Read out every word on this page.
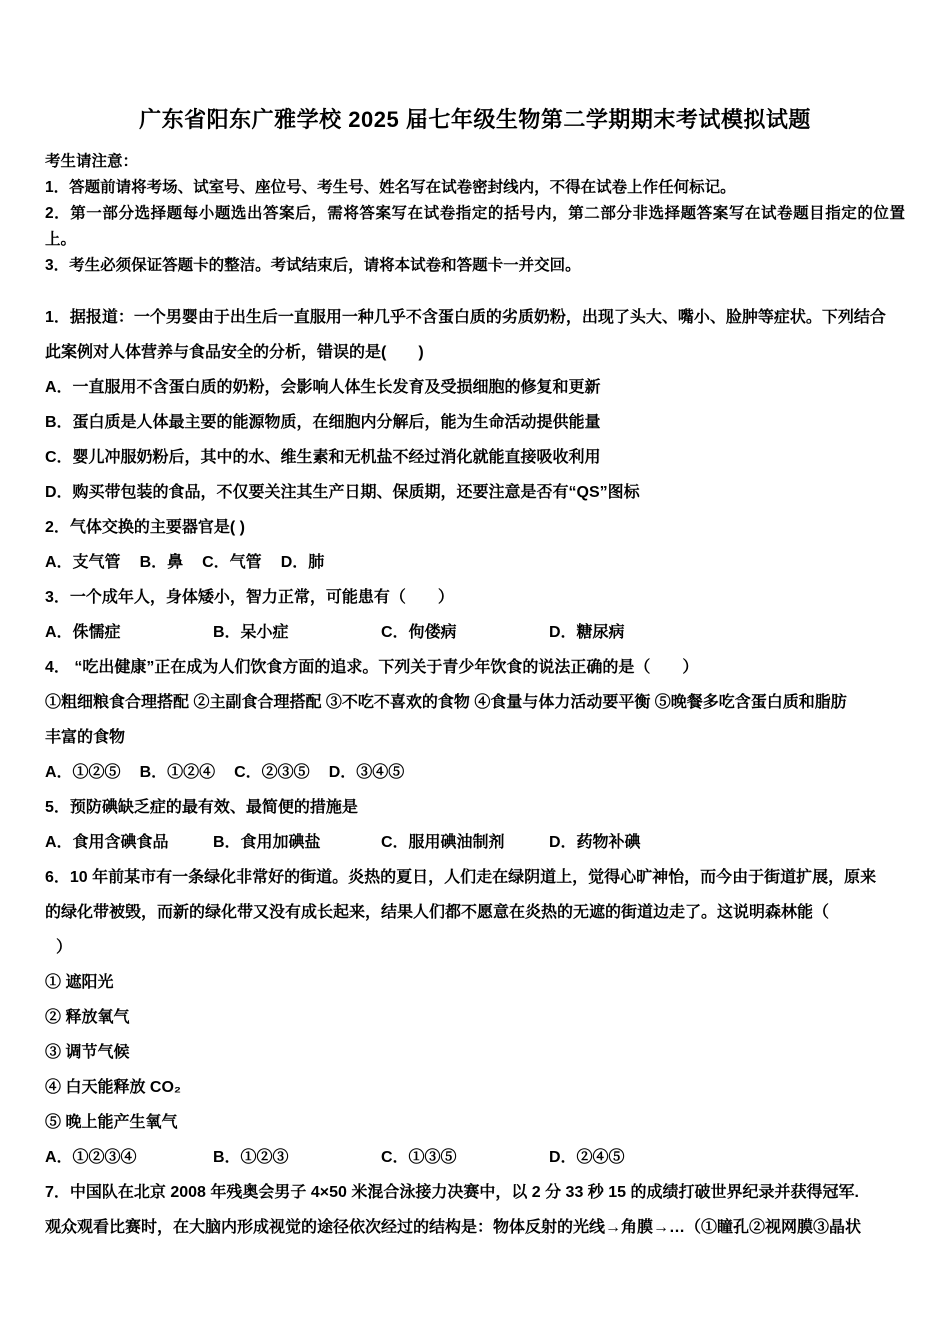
广东省阳东广雅学校 2025 届七年级生物第二学期期末考试模拟试题

考生请注意：

1．答题前请将考场、试室号、座位号、考生号、姓名写在试卷密封线内，不得在试卷上作任何标记。

2．第一部分选择题每小题选出答案后，需将答案写在试卷指定的括号内，第二部分非选择题答案写在试卷题目指定的位置上。

3．考生必须保证答题卡的整洁。考试结束后，请将本试卷和答题卡一并交回。

1．据报道：一个男婴由于出生后一直服用一种几乎不含蛋白质的劣质奶粉，出现了头大、嘴小、脸肿等症状。下列结合

此案例对人体营养与食品安全的分析，错误的是(　　)

A．一直服用不含蛋白质的奶粉，会影响人体生长发育及受损细胞的修复和更新

B．蛋白质是人体最主要的能源物质，在细胞内分解后，能为生命活动提供能量

C．婴儿冲服奶粉后，其中的水、维生素和无机盐不经过消化就能直接吸收利用

D．购买带包装的食品，不仅要关注其生产日期、保质期，还要注意是否有“QS”图标

2．气体交换的主要器官是( )

A．支气管 B．鼻 C．气管 D．肺

3．一个成年人，身体矮小，智力正常，可能患有（　　）

A．侏懦症	B．呆小症	C．佝偻病	D．糖尿病

4． “吃出健康”正在成为人们饮食方面的追求。下列关于青少年饮食的说法正确的是（　　）

①粗细粮食合理搭配 ②主副食合理搭配 ③不吃不喜欢的食物 ④食量与体力活动要平衡 ⑤晚餐多吃含蛋白质和脂肪

丰富的食物

A．①②⑤ B．①②④ C．②③⑤ D．③④⑤

5．预防碘缺乏症的最有效、最简便的措施是

A．食用含碘食品	B．食用加碘盐	C．服用碘油制剂	D．药物补碘

6．10 年前某市有一条绿化非常好的街道。炎热的夏日，人们走在绿阴道上，觉得心旷神怡，而今由于街道扩展，原来

的绿化带被毁，而新的绿化带又没有成长起来，结果人们都不愿意在炎热的无遮的街道边走了。这说明森林能（

）

① 遮阳光

② 释放氧气

③ 调节气候

④ 白天能释放 CO₂

⑤ 晚上能产生氧气

A．①②③④	B．①②③	C．①③⑤	D．②④⑤

7．中国队在北京 2008 年残奥会男子 4×50 米混合泳接力决赛中，以 2 分 33 秒 15 的成绩打破世界纪录并获得冠军.

观众观看比赛时，在大脑内形成视觉的途径依次经过的结构是：物体反射的光线→角膜→…（①瞳孔②视网膜③晶状
